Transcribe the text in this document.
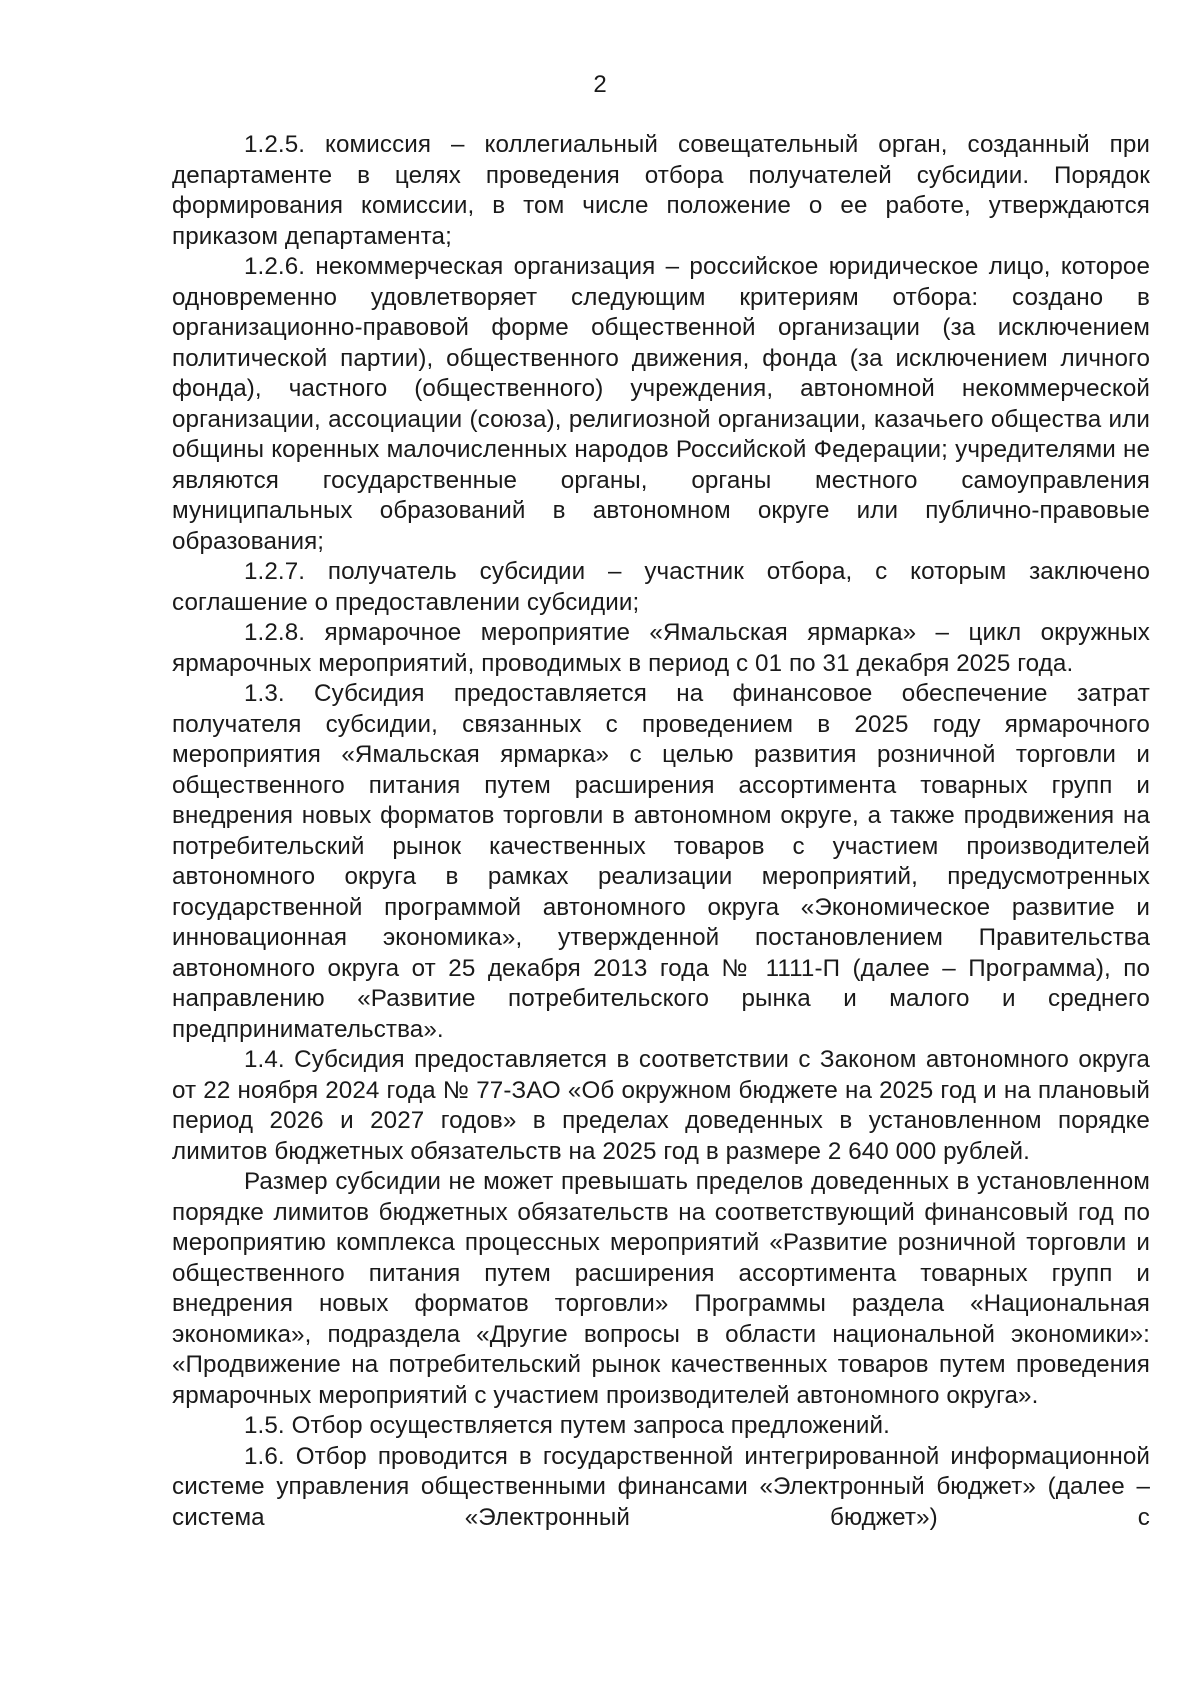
2

1.2.5. комиссия – коллегиальный совещательный орган, созданный при департаменте в целях проведения отбора получателей субсидии. Порядок формирования комиссии, в том числе положение о ее работе, утверждаются приказом департамента;

1.2.6. некоммерческая организация – российское юридическое лицо, которое одновременно удовлетворяет следующим критериям отбора: создано в организационно-правовой форме общественной организации (за исключением политической партии), общественного движения, фонда (за исключением личного фонда), частного (общественного) учреждения, автономной некоммерческой организации, ассоциации (союза), религиозной организации, казачьего общества или общины коренных малочисленных народов Российской Федерации; учредителями не являются государственные органы, органы местного самоуправления муниципальных образований в автономном округе или публично-правовые образования;

1.2.7. получатель субсидии – участник отбора, с которым заключено соглашение о предоставлении субсидии;

1.2.8. ярмарочное мероприятие «Ямальская ярмарка» – цикл окружных ярмарочных мероприятий, проводимых в период с 01 по 31 декабря 2025 года.

1.3. Субсидия предоставляется на финансовое обеспечение затрат получателя субсидии, связанных с проведением в 2025 году ярмарочного мероприятия «Ямальская ярмарка» с целью развития розничной торговли и общественного питания путем расширения ассортимента товарных групп и внедрения новых форматов торговли в автономном округе, а также продвижения на потребительский рынок качественных товаров с участием производителей автономного округа в рамках реализации мероприятий, предусмотренных государственной программой автономного округа «Экономическое развитие и инновационная экономика», утвержденной постановлением Правительства автономного округа от 25 декабря 2013 года № 1111-П (далее – Программа), по направлению «Развитие потребительского рынка и малого и среднего предпринимательства».

1.4. Субсидия предоставляется в соответствии с Законом автономного округа от 22 ноября 2024 года № 77-ЗАО «Об окружном бюджете на 2025 год и на плановый период 2026 и 2027 годов» в пределах доведенных в установленном порядке лимитов бюджетных обязательств на 2025 год в размере 2 640 000 рублей.

Размер субсидии не может превышать пределов доведенных в установленном порядке лимитов бюджетных обязательств на соответствующий финансовый год по мероприятию комплекса процессных мероприятий «Развитие розничной торговли и общественного питания путем расширения ассортимента товарных групп и внедрения новых форматов торговли» Программы раздела «Национальная экономика», подраздела «Другие вопросы в области национальной экономики»: «Продвижение на потребительский рынок качественных товаров путем проведения ярмарочных мероприятий с участием производителей автономного округа».

1.5. Отбор осуществляется путем запроса предложений.

1.6. Отбор проводится в государственной интегрированной информационной системе управления общественными финансами «Электронный бюджет» (далее – система «Электронный бюджет») с
